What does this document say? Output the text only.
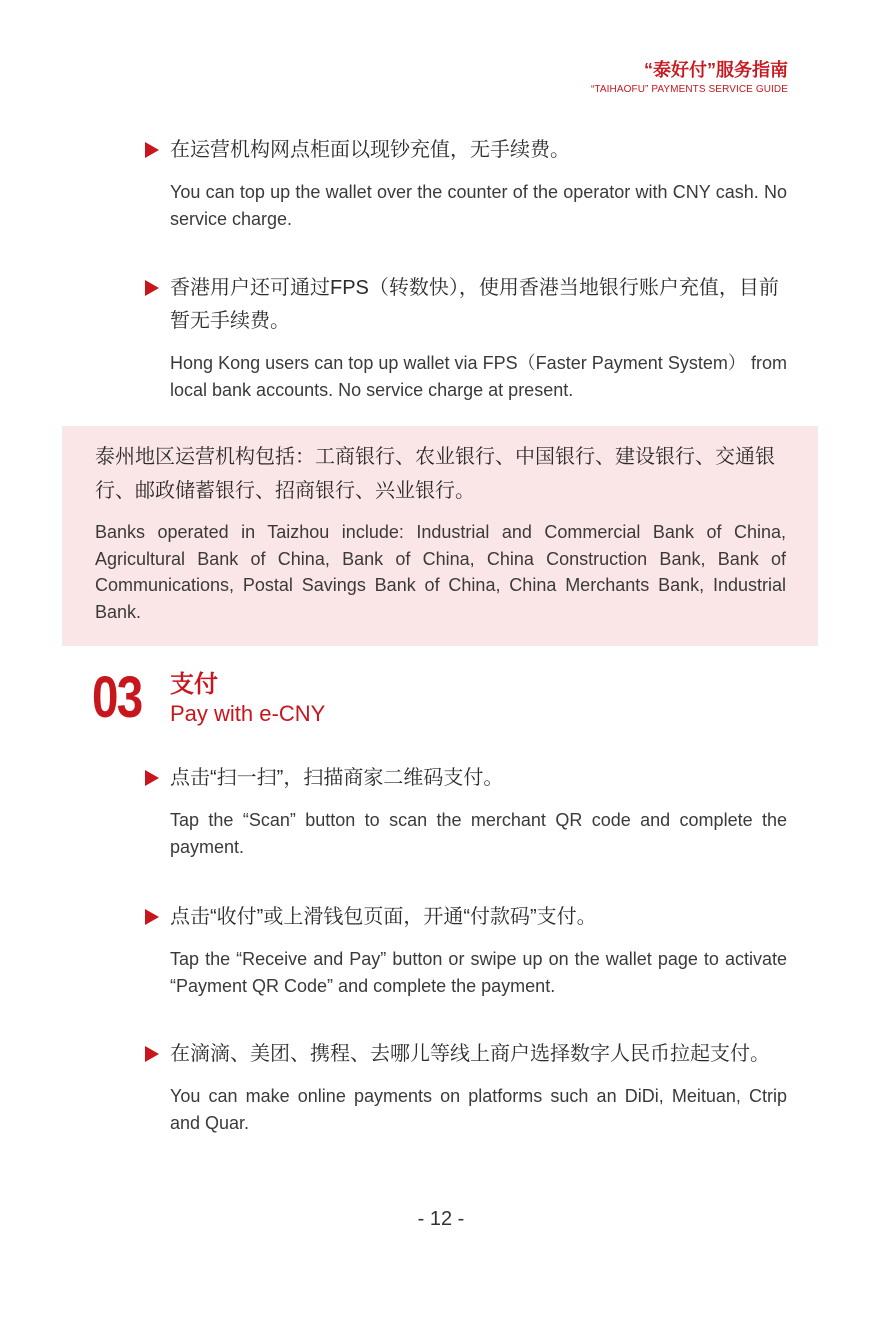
“泰好付”服务指南
“TAIHAOFU” PAYMENTS SERVICE GUIDE
在运营机构网点柜面以现钞充值，无手续费。
You can top up the wallet over the counter of the operator with CNY cash. No service charge.
香港用户还可通过FPS（转数快），使用香港当地银行账户充值，目前暂无手续费。
Hong Kong users can top up wallet via FPS（Faster Payment System） from local bank accounts. No service charge at present.
泰州地区运营机构包括：工商银行、农业银行、中国银行、建设银行、交通银行、邮政储蓄银行、招商银行、兴业银行。
Banks operated in Taizhou include: Industrial and Commercial Bank of China, Agricultural Bank of China, Bank of China, China Construction Bank, Bank of Communications, Postal Savings Bank of China, China Merchants Bank, Industrial Bank.
03 支付
Pay with e-CNY
点击“扫一扫”，扫描商家二维码支付。
Tap the “Scan” button to scan the merchant QR code and complete the payment.
点击“收付”或上滑钱包页面，开通“付款码”支付。
Tap the “Receive and Pay” button or swipe up on the wallet page to activate “Payment QR Code” and complete the payment.
在滴滴、美团、携程、去哪儿等线上商户选择数字人民币拉起支付。
You can make online payments on platforms such an DiDi, Meituan, Ctrip and Quar.
- 12 -
